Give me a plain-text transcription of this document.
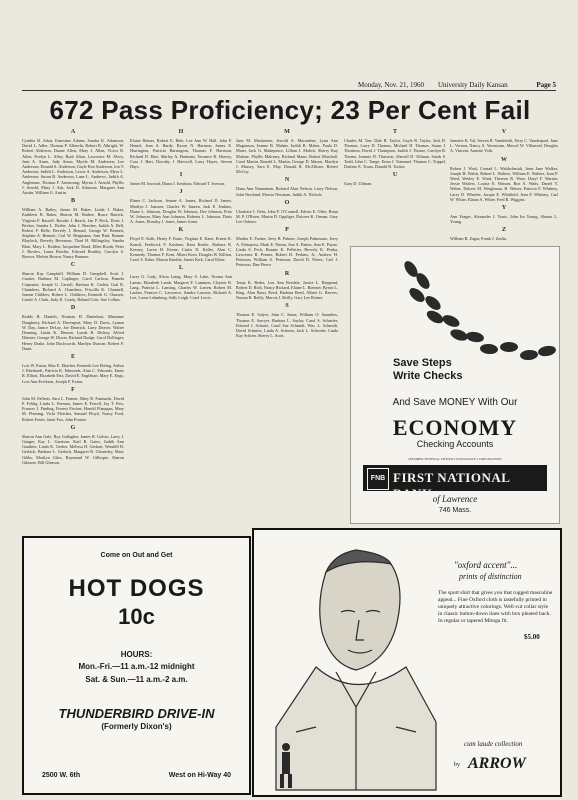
Monday, Nov. 21, 1960 University Daily Kansan	Page 5
672 Pass Proficiency; 23 Per Cent Fail
A

Cynthia B. Adair, Ernestine Adams, Sandra K. Adamson, David L. Adler, Thomas P. Albrecht, Robert R. Albright, W. Robert Alderson, Duane Allen, Mary J. Allen, Victor B. Allen, Evelyn L. Alley, Ruth Alton, Lawrence M. Alvey, Jean A. Ames, Judy Amos, Myrtle M. Andersen; Lee Anderson; Donald A. Anderson, Gayle Roe Anderson, Jon T. Anderson, Judith L. Anderson, Lewis A. Anderson, Myra L. Anderson, Susan B. Anderson, Lane L. Andrews, Judith A. Angleman, Thomas F. Armstrong, Myrna J. Arnold, Phyllis J. Arnold, Mary J. Ash, Jack D. Ashmore, Margaret Ann Austin, William G. Austin.

B

William A. Bailey, James M. Baker, Linda J. Baker, Kathleen B. Baker, Sharon M. Barbee, Bruce Barrick, Virginia P. Bassell, Rosalie J. Beach, Jan P. Beck, Doris J. Becker, Sandra L. Beebe, John J. Beecher, Judith A. Bell, Robert F. Belle, Beverly J. Benard, George W. Bennett, Stephen A. Bennett, Carl W. Bergmann, Ann Bird, Bonnie Blaylock, Beverly Bevenour, Thad H. Billingsley, Sandra Blair, Mary L. Bolden, Jacqueline Bond, Ellen Booth, Peter J. Bowles, Laura Bowlin, Edward Bradley, Carolyn S. Brewer, Melvin Brown, Nancy Brunner.

C

Sharon Kay Campbell, William D. Campbell, Scott J. Cantier, Barbara M. Caplinger, Carol Carlson, Pamela Carpenter, Joseph G. Carroll, Barbara K. Catlett, Gail R. Chambers, Richard A. Chambers, Priscilla K. Channell, Jeanne Childers, Robert L. Childress, Kenneth G. Clausen, Carole A. Clark, Judy K. Coady, Roland Cole, Sue Collins.

D

Roddy B. Daniels, Norman H. Danielson, Marianne Daugherty, Richard A. Davenport, Mary D. Davis, Lyman W. Day, Janice DeLay, Joe Deatrick, Larry Deaver, Walter Denning, Linda K. Denton, Lynda R. Dickey, Alfred Dittmer, George W. Dixon, Richard Dodge, Carol Dollinger, Henry Drake, John Duckworth, Marilyn Duncan, Robert F. Dunn.

E

Lois W. Eaton, Max E. Ebacher, Kenneth Lee Ebling, Arthur J. Eberhardt, Patricia K. Edmonds, Alan C. Edwards, Ennis R. Elliott, Elizabeth Ertz, David E. Englehart, Mary E. Engs, Lois Ann Erickson, Joseph F. Evans.

F

John M. Fallerts, Sara L. Farmer, Mary R. Fastnacht, David P. Fehlig, Linda L. Ferman, James E. Ferrell, Jay T. Few, Frances J. Finding, Forrest Fischer, Harold Flanagan, Mary M. Fleming, Vicki Fletcher, Samuel Floyd, Nancy Ford, Robert Foster, Janet Fox, John Frazier.

G

Sharon Ann Gale, Roy Gallagher, James R. Galvin, Larry J. Gauger, Kay L. Garrison, Karl R. Gates, Judith Ann Gauthier, Linda K. Gerber, Melissa H. Gerhart, Wendell B. Gerlach, Barbara L. Gerlach, Margaret R. Ghormley, Mary Gibbs, Marilyn Giles, Raymond W. Gillespie, Sharon Gilmore, Bill Gleason.

H

Elaine Haines, Robert E. Hale, Lee Ann W. Hall, John F. Hamel, Jean A. Hardy, Byron N. Harmon, James E. Harrington, Patricia Harrington, Thomas F. Harrison, Richard D. Hart, Shirley A. Hartman, Terrance B. Harvey, Cora J. Hart, Dorothy J. Hartwell, Larry Hayes, Steven Hays.

I

James M. Inwood, Diana J. Isenhour, Edward T. Iverson.

J

Elmer C. Jackson, Jeanne A. James, Richard D. James, Marilyn J. Janssen, Charles W. Janzen, Jack E. Jenkins, Diane L. Johnson, Douglas W. Johnson, Dee Johnson, Fritz W. Johnson, Mary Ann Johnson, Roberta L. Johnson, Doris A. Jones, Dorothy J. Jones, James Jones.

K

Floyd E. Kalb, Henry F. Kane, Virginia E. Kane, Ernest K. Kansil, Frederick F. Kashner, Kent Keeler, Barbara R. Keeney, Loren H. Keene, Curtis D. Keller, Alan C. Kennedy, Thomas F. Kent, Albert Kern, Douglas B. Killion, Carol S. Kilne, Marcia Kimble, James Kirk, Carol Kline.

L

Larry G. Lady, Alicia Laing, Mary S. Lake, Norma Ann Lamar, Elizabeth Lamb, Margaret F. Lammon, Clayton R. Lang, Patricia L. Lansing, Charles W. Larsen, Robert M. Lauber, Frances C. Lawrence, Sandra Lawson, Richard A. Lee, Lorna Lehmberg, Sally Leigh, Carol Lewis.

M

Jane M. Mackenzie, Jerrold A. Macomber, Lynn Ann Magnuson, Jeanne R. Mahan, Judith R. Maher, Paula D. Maier, Jack G. Makepeace, Lillian J. Malick, Sherry Kay Malone, Phyllis Maloney, Richard Mann, Robert Marshall, Carol Martin, Ronald L. Martin, George D. Mason, Marilyn J. Massey, Sara E. May, Donald R. McAllister, Robert McCoy.

N

Dana Ann Nanneman, Richard Alan Nelson, Larry Nelson, John Newland, Marcia Newman, Judith A. Nichols.

O

Charlotte J. Oehs, John F. O'Connell, Edwin E. Offer, Brian M. P. O'Brien, Martin D. Oppliger, Dolores K. Orman, Gary Lee Osborn.

P

Martha E. Packer, Jerry B. Palmer, Joseph Palmisano, Jerry A. Palmqvist, Mark E. Patton, Sue A. Patton, Ann E. Payne, Linda S. Peck, Bonnie K. Pelletier, Beverly K. Penka, Lawrence R. Penner, Robert D. Perkins, Jr., Andrew H. Peterson, William A. Peterson, David D. Peters, Carl J. Peterson, Dan Pierce.

R

Tonja K. Reder, Lou Ann Reedale, Janice L. Reppond, Robert D. Rich, Nancy Rickard, Elaine L. Rienner, Byron L. Ring, Alan Barry Reed, Barbara Reed, Albert G. Reeves, Norma B. Reilly, Marcia J. Reilly, Gary Lee Reiner.

S

Thomas E. Salyer, John C. Sauer, William O. Saunders, Thomas E. Sawyer, Barbara L. Saylor, Carol S. Schaefer, Edward J. Scharfe, Carol Sue Schmidt, Wm. L. Schmidt, David Schmitz, Linda A. Schoess, Jack L. Schroder, Linda Kay Schrier, Sherry L. Scott.

T

Charles M. Tarr, Dale B. Taylor, Gayle R. Taylor, Jack R. Thomas, Larry D. Thomas, Michael H. Thomas, Susan J. Thornton, David J. Thompson, Judith J. Thorne, Carolyn B. Thorne, Jeannie D. Thurston, Sherrill D. Tillman, Sarah S. Todd, John C. Tonge, Erma J. Trammel, Thomas C. Trippel, Darlene E. Truan, Donald R. Tucker.

U

Gary D. Ullman.

V

Jeanette K. Val, Steven R. Vanderbilt, Terry C. Vanderpool, Jane L. Vernon, Nancy A. Vernstrom, Marcel W. Villarreal, Douglas A. Vincent, Annette Voth.

W

Robert J. Waal, Conrad L. Waldschmidt, Janis Jane Walker, Joseph H. Walsh, Robert L. Walters, William E. Walters, Jean P. Ward, Wesley E. Ward, Thereon R. Ware, Daryl F. Warner, Jessie Walters, Louise E. Watson, Roe A. Watts, Darrel Y. Weber, Deloris M. Weighman, B. Weiser, Patricia F. Whitney, Larry D. Wheeler, Jacque E. Whitfield, Jean F. Whitney, Carl W. White, Elaine A. White, Fred R. Wiggins.

Y

Ann Yeager, Alexander J. Youts, John Ira Young, Sharon L. Young.

Z

William R. Zagar, Frank J. Zaslin.

Save Steps
Write Checks
And Save MONEY With Our
ECONOMY
Checking Accounts
MEMBER FEDERAL DEPOSIT INSURANCE CORPORATION
FNB FIRST NATIONAL BANK of Lawrence
746 Mass.
Come on Out and Get
HOT DOGS
10c
HOURS:
Mon.-Fri.—11 a.m.-12 midnight
Sat. & Sun.—11 a.m.-2 a.m.
THUNDERBIRD DRIVE-IN
(Formerly Dixon's)
2500 W. 6th	West on Hi-Way 40
"oxford accent"...
prints of distinction
The sport shirt that gives you that rugged masculine appeal... Fine Oxford cloth is tastefully printed in uniquely attractive colorings. Well-cut collar style in classic button-down lines with box pleated back. In regular or tapered Mitoga fit.
$5.00
cum laude collection
by ARROW
